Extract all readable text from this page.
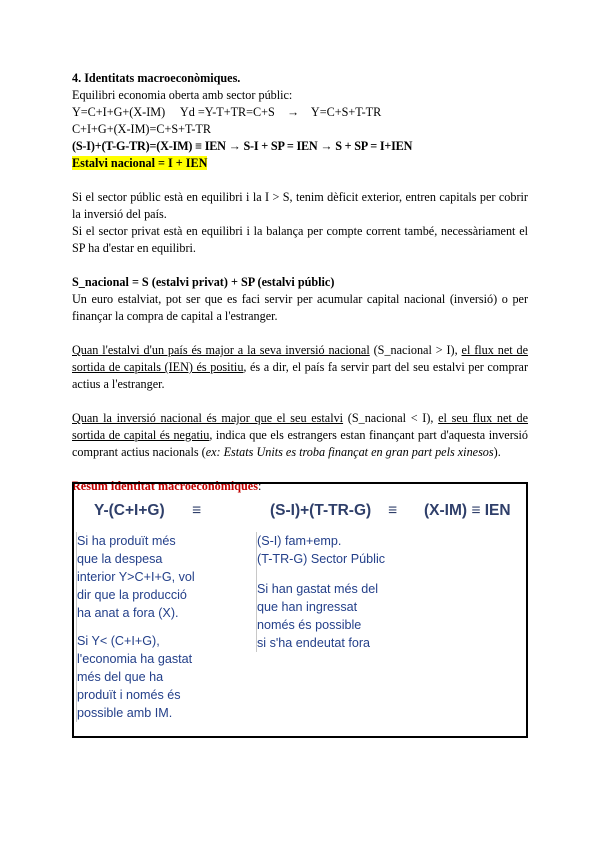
4. Identitats macroeconòmiques.

Equilibri economia oberta amb sector públic:

Y=C+I+G+(X-IM)     Yd =Y-T+TR=C+S    →    Y=C+S+T-TR

C+I+G+(X-IM)=C+S+T-TR

(S-I)+(T-G-TR)=(X-IM) ≡ IEN → S-I + SP = IEN → S + SP = I+IEN

Estalvi nacional = I + IEN

Si el sector públic està en equilibri i la I > S, tenim dèficit exterior, entren capitals per cobrir la inversió del país.

Si el sector privat està en equilibri i la balança per compte corrent també, necessàriament el SP ha d'estar en equilibri.

S_nacional = S (estalvi privat) + SP (estalvi públic)

Un euro estalviat, pot ser que es faci servir per acumular capital nacional (inversió) o per finançar la compra de capital a l'estranger.

Quan l'estalvi d'un país és major a la seva inversió nacional (S_nacional > I), el flux net de sortida de capitals (IEN) és positiu, és a dir, el país fa servir part del seu estalvi per comprar actius a l'estranger.

Quan la inversió nacional és major que el seu estalvi (S_nacional < I), el seu flux net de sortida de capital és negatiu, indica que els estrangers estan finançant part d'aquesta inversió comprant actius nacionals (ex: Estats Units es troba finançat en gran part pels xinesos).

Resum identitat macroeconòmiques:

Y-(C+I+G) ≡	(S-I)+(T-TR-G) ≡ (X-IM) ≡ IEN

Si ha produït més

que la despesa

interior Y>C+I+G, vol

dir que la producció

ha anat a fora (X).

Si Y< (C+I+G),

l'economia ha gastat

més del que ha

produït i només és

possible amb IM.

(S-I) fam+emp.

(T-TR-G) Sector Públic

Si han gastat més del

que han ingressat

només és possible

si s'ha endeutat fora
